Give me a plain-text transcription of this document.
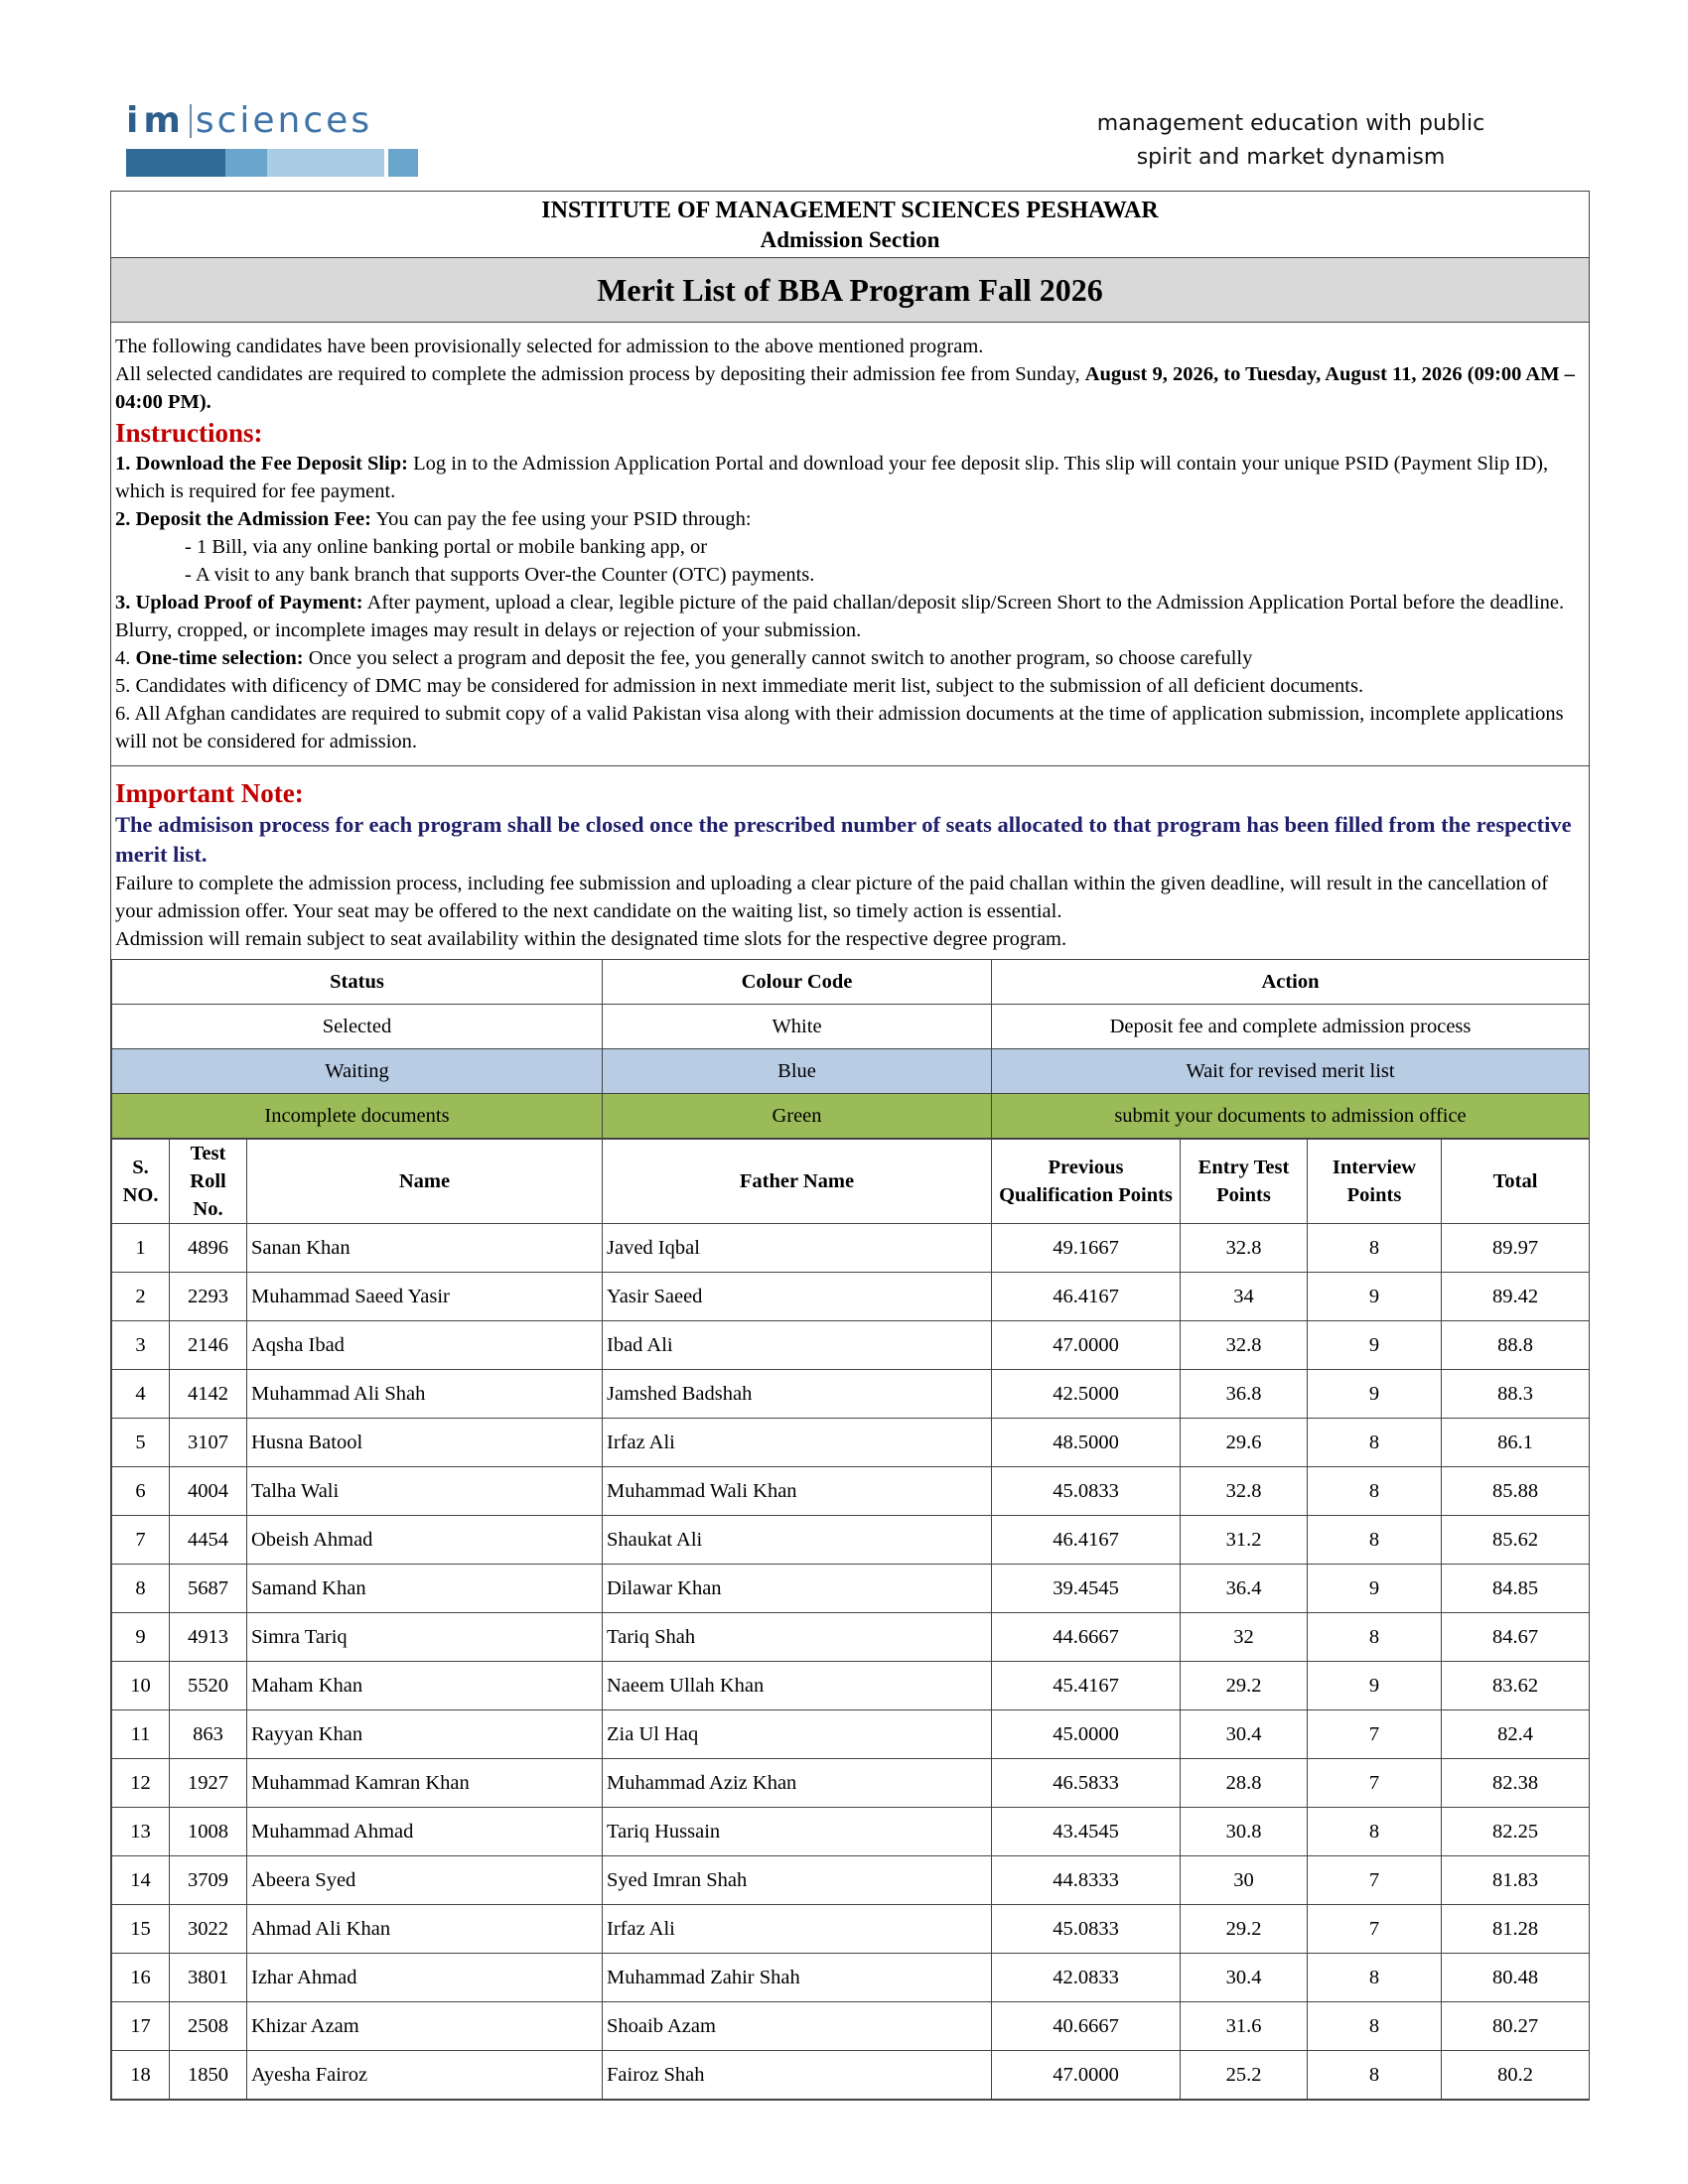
im sciences	management education with public
spirit and market dynamism
INSTITUTE OF MANAGEMENT SCIENCES PESHAWAR
Admission Section
Merit List of BBA Program Fall 2026

The following candidates have been provisionally selected for admission to the above mentioned program.

All selected candidates are required to complete the admission process by depositing their admission fee from Sunday, August 9, 2026, to Tuesday, August 11, 2026 (09:00 AM – 04:00 PM).

Instructions:

1. Download the Fee Deposit Slip: Log in to the Admission Application Portal and download your fee deposit slip. This slip will contain your unique PSID (Payment Slip ID), which is required for fee payment.

2. Deposit the Admission Fee: You can pay the fee using your PSID through:

- 1 Bill, via any online banking portal or mobile banking app, or

- A visit to any bank branch that supports Over-the Counter (OTC) payments.

3. Upload Proof of Payment: After payment, upload a clear, legible picture of the paid challan/deposit slip/Screen Short to the Admission Application Portal before the deadline. Blurry, cropped, or incomplete images may result in delays or rejection of your submission.

4. One-time selection: Once you select a program and deposit the fee, you generally cannot switch to another program, so choose carefully

5. Candidates with dificency of DMC may be considered for admission in next immediate merit list, subject to the submission of all deficient documents.

6. All Afghan candidates are required to submit copy of a valid Pakistan visa along with their admission documents at the time of application submission, incomplete applications will not be considered for admission.

Important Note:

The admisison process for each program shall be closed once the prescribed number of seats allocated to that program has been filled from the respective merit list.

Failure to complete the admission process, including fee submission and uploading a clear picture of the paid challan within the given deadline, will result in the cancellation of your admission offer. Your seat may be offered to the next candidate on the waiting list, so timely action is essential.

Admission will remain subject to seat availability within the designated time slots for the respective degree program.

Status	Colour Code	Action
Selected	White	Deposit fee and complete admission process
Waiting	Blue	Wait for revised merit list
Incomplete documents	Green	submit your documents to admission office
S. NO.	Test Roll No.	Name	Father Name	Previous Qualification Points	Entry Test Points	Interview Points	Total
1	4896	Sanan Khan	Javed Iqbal	49.1667	32.8	8	89.97
2	2293	Muhammad Saeed Yasir	Yasir Saeed	46.4167	34	9	89.42
3	2146	Aqsha Ibad	Ibad Ali	47.0000	32.8	9	88.8
4	4142	Muhammad Ali Shah	Jamshed Badshah	42.5000	36.8	9	88.3
5	3107	Husna Batool	Irfaz Ali	48.5000	29.6	8	86.1
6	4004	Talha Wali	Muhammad Wali Khan	45.0833	32.8	8	85.88
7	4454	Obeish Ahmad	Shaukat Ali	46.4167	31.2	8	85.62
8	5687	Samand Khan	Dilawar Khan	39.4545	36.4	9	84.85
9	4913	Simra Tariq	Tariq Shah	44.6667	32	8	84.67
10	5520	Maham Khan	Naeem Ullah Khan	45.4167	29.2	9	83.62
11	863	Rayyan Khan	Zia Ul Haq	45.0000	30.4	7	82.4
12	1927	Muhammad Kamran Khan	Muhammad Aziz Khan	46.5833	28.8	7	82.38
13	1008	Muhammad Ahmad	Tariq Hussain	43.4545	30.8	8	82.25
14	3709	Abeera Syed	Syed Imran Shah	44.8333	30	7	81.83
15	3022	Ahmad Ali Khan	Irfaz Ali	45.0833	29.2	7	81.28
16	3801	Izhar Ahmad	Muhammad Zahir Shah	42.0833	30.4	8	80.48
17	2508	Khizar Azam	Shoaib Azam	40.6667	31.6	8	80.27
18	1850	Ayesha Fairoz	Fairoz Shah	47.0000	25.2	8	80.2
